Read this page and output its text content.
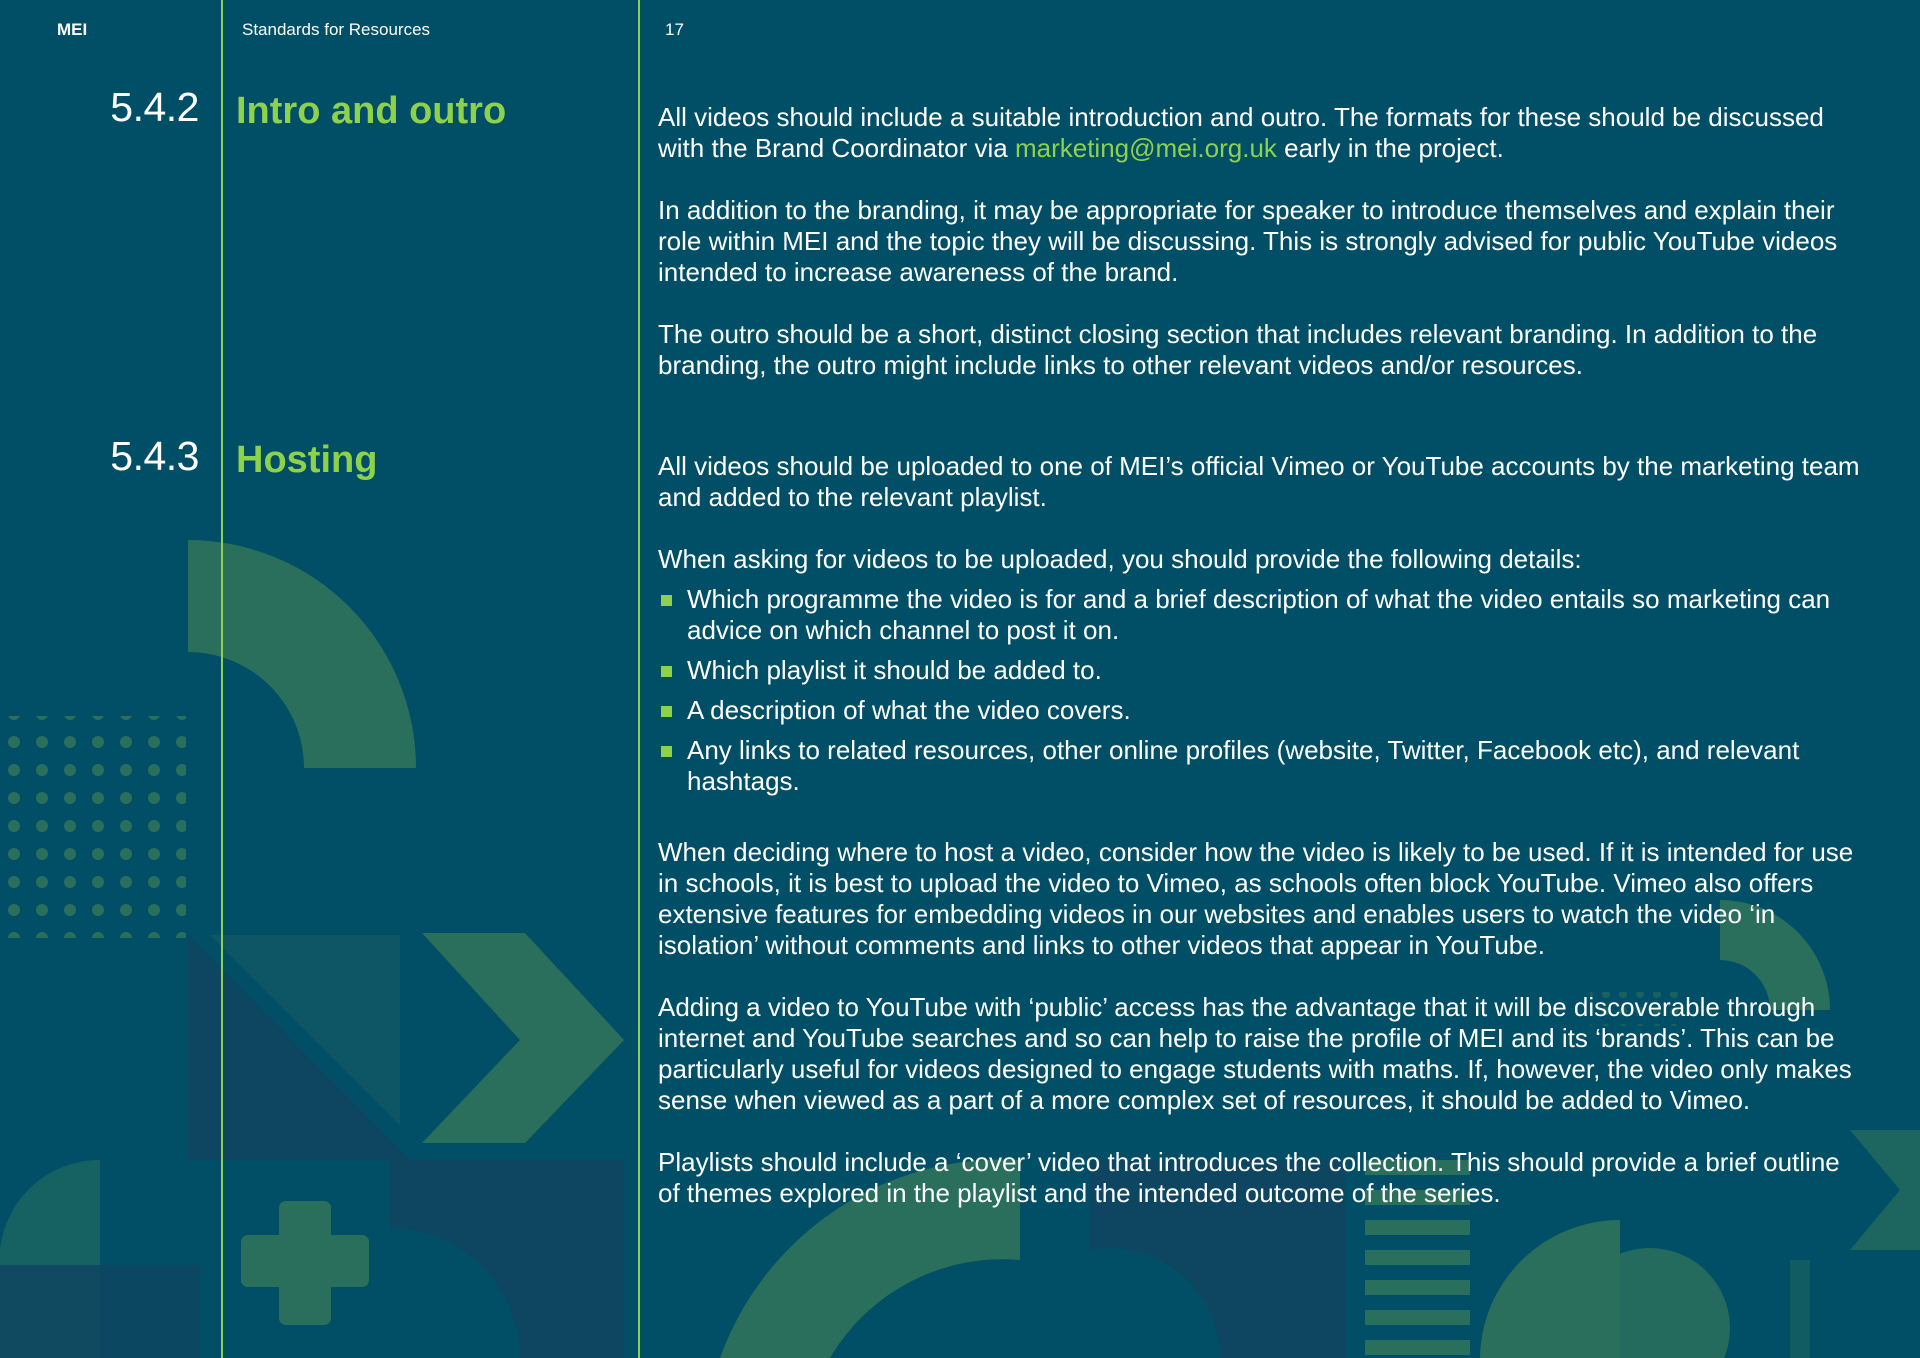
MEI	Standards for Resources	17
5.4.2 Intro and outro	All videos should include a suitable introduction and outro. The formats for these should be discussed with the Brand Coordinator via marketing@mei.org.uk early in the project.

In addition to the branding, it may be appropriate for speaker to introduce themselves and explain their role within MEI and the topic they will be discussing. This is strongly advised for public YouTube videos intended to increase awareness of the brand.

The outro should be a short, distinct closing section that includes relevant branding. In addition to the branding, the outro might include links to other relevant videos and/or resources.

5.4.3 Hosting	All videos should be uploaded to one of MEI’s official Vimeo or YouTube accounts by the marketing team and added to the relevant playlist.

When asking for videos to be uploaded, you should provide the following details:

Which programme the video is for and a brief description of what the video entails so marketing can advice on which channel to post it on.
Which playlist it should be added to.
A description of what the video covers.
Any links to related resources, other online profiles (website, Twitter, Facebook etc), and relevant hashtags.

When deciding where to host a video, consider how the video is likely to be used. If it is intended for use in schools, it is best to upload the video to Vimeo, as schools often block YouTube. Vimeo also offers extensive features for embedding videos in our websites and enables users to watch the video ‘in isolation’ without comments and links to other videos that appear in YouTube.

Adding a video to YouTube with ‘public’ access has the advantage that it will be discoverable through internet and YouTube searches and so can help to raise the profile of MEI and its ‘brands’. This can be particularly useful for videos designed to engage students with maths. If, however, the video only makes sense when viewed as a part of a more complex set of resources, it should be added to Vimeo.

Playlists should include a ‘cover’ video that introduces the collection. This should provide a brief outline of themes explored in the playlist and the intended outcome of the series.
